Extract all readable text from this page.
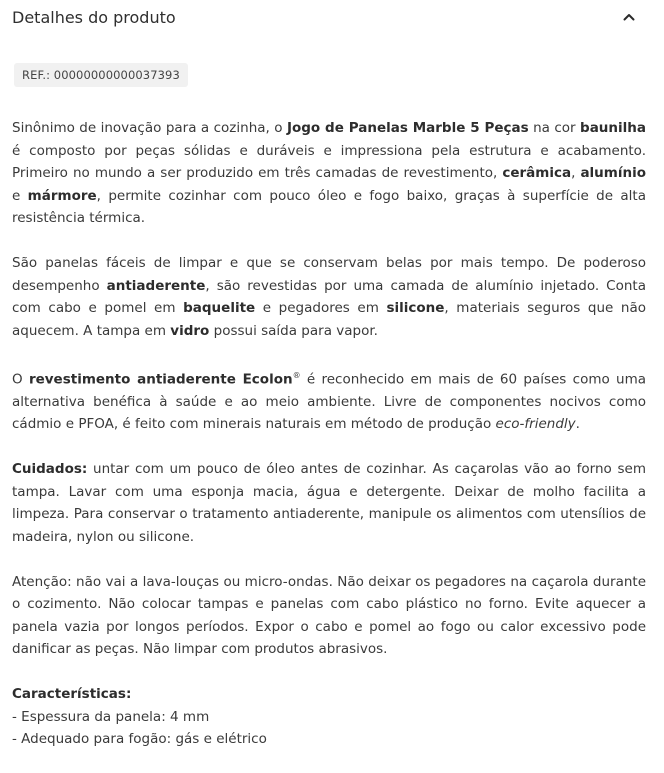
Detalhes do produto
REF.: 00000000000037393

Sinônimo de inovação para a cozinha, o Jogo de Panelas Marble 5 Peças na cor baunilha é composto por peças sólidas e duráveis e impressiona pela estrutura e acabamento. Primeiro no mundo a ser produzido em três camadas de revestimento, cerâmica, alumínio e mármore, permite cozinhar com pouco óleo e fogo baixo, graças à superfície de alta resistência térmica.

São panelas fáceis de limpar e que se conservam belas por mais tempo. De poderoso desempenho antiaderente, são revestidas por uma camada de alumínio injetado. Conta com cabo e pomel em baquelite e pegadores em silicone, materiais seguros que não aquecem. A tampa em vidro possui saída para vapor.

O revestimento antiaderente Ecolon® é reconhecido em mais de 60 países como uma alternativa benéfica à saúde e ao meio ambiente. Livre de componentes nocivos como cádmio e PFOA, é feito com minerais naturais em método de produção eco-friendly.

Cuidados: untar com um pouco de óleo antes de cozinhar. As caçarolas vão ao forno sem tampa. Lavar com uma esponja macia, água e detergente. Deixar de molho facilita a limpeza. Para conservar o tratamento antiaderente, manipule os alimentos com utensílios de madeira, nylon ou silicone.

Atenção: não vai a lava-louças ou micro-ondas. Não deixar os pegadores na caçarola durante o cozimento. Não colocar tampas e panelas com cabo plástico no forno. Evite aquecer a panela vazia por longos períodos. Expor o cabo e pomel ao fogo ou calor excessivo pode danificar as peças. Não limpar com produtos abrasivos.

Características:
- Espessura da panela: 4 mm
- Adequado para fogão: gás e elétrico
